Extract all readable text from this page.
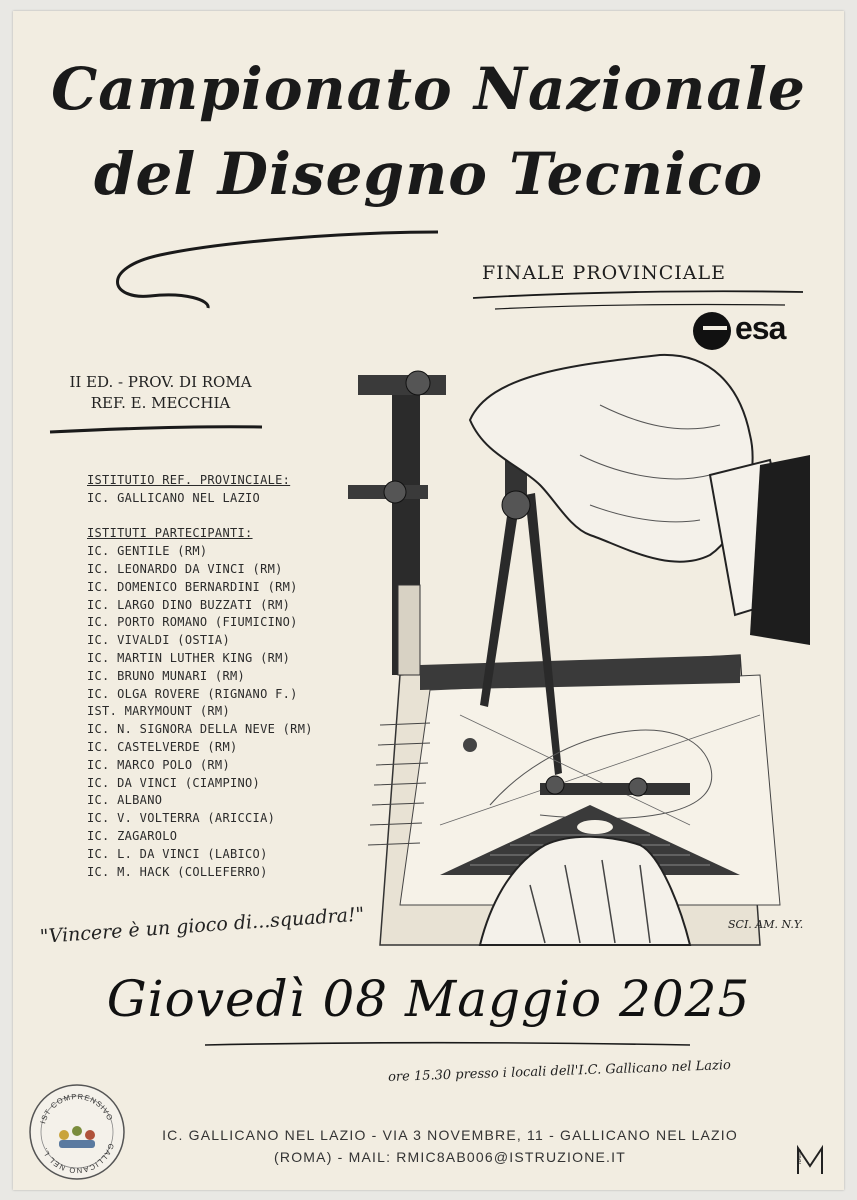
Campionato Nazionale
del Disegno Tecnico
FINALE PROVINCIALE
esa
II ED. - PROV. DI ROMA
REF. E. MECCHIA
ISTITUTIO REF. PROVINCIALE:
IC. GALLICANO NEL LAZIO
ISTITUTI PARTECIPANTI:
IC. GENTILE (RM)
IC. LEONARDO DA VINCI (RM)
IC. DOMENICO BERNARDINI (RM)
IC. LARGO DINO BUZZATI (RM)
IC. PORTO ROMANO (FIUMICINO)
IC. VIVALDI (OSTIA)
IC. MARTIN LUTHER KING (RM)
IC. BRUNO MUNARI (RM)
IC. OLGA ROVERE (RIGNANO F.)
IST. MARYMOUNT (RM)
IC. N. SIGNORA DELLA NEVE (RM)
IC. CASTELVERDE (RM)
IC. MARCO POLO (RM)
IC. DA VINCI (CIAMPINO)
IC. ALBANO
IC. V. VOLTERRA (ARICCIA)
IC. ZAGAROLO
IC. L. DA VINCI (LABICO)
IC. M. HACK (COLLEFERRO)
SCI. AM. N.Y.
"Vincere è un gioco di...squadra!"
Giovedì 08 Maggio 2025
ore 15.30 presso i locali dell'I.C. Gallicano nel Lazio
IC. GALLICANO NEL LAZIO - VIA 3 NOVEMBRE, 11 - GALLICANO NEL LAZIO
(ROMA) - MAIL: RMIC8AB006@ISTRUZIONE.IT
IST COMPRENSIVO
GALLICANO NEL L.
NAME
